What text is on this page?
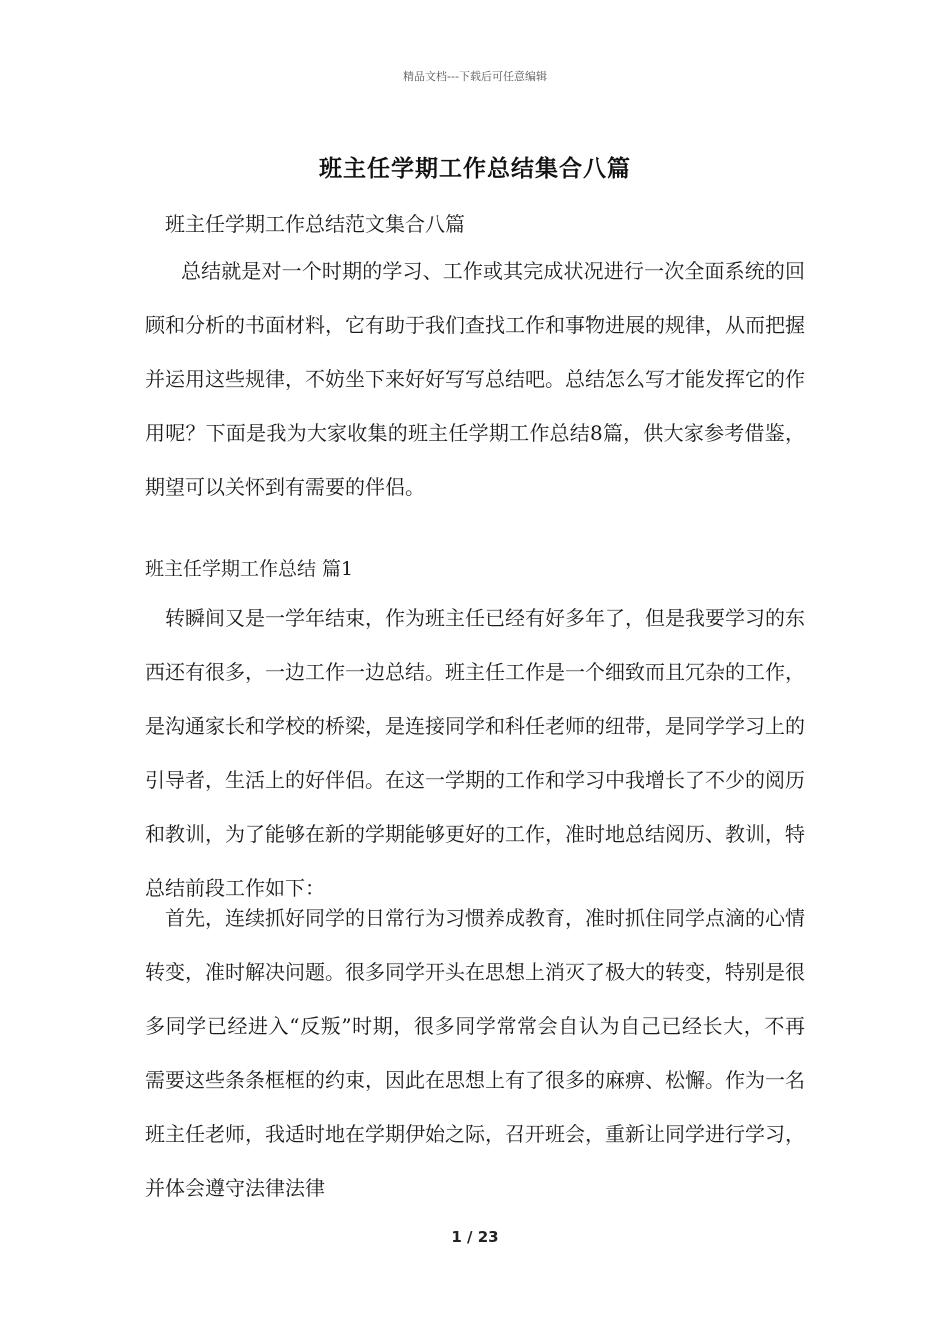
精品文档---下载后可任意编辑
班主任学期工作总结集合八篇
班主任学期工作总结范文集合八篇
总结就是对一个时期的学习、工作或其完成状况进行一次全面系统的回顾和分析的书面材料，它有助于我们查找工作和事物进展的规律，从而把握并运用这些规律，不妨坐下来好好写写总结吧。总结怎么写才能发挥它的作用呢？下面是我为大家收集的班主任学期工作总结8篇，供大家参考借鉴，期望可以关怀到有需要的伴侣。
班主任学期工作总结 篇1
转瞬间又是一学年结束，作为班主任已经有好多年了，但是我要学习的东西还有很多，一边工作一边总结。班主任工作是一个细致而且冗杂的工作，是沟通家长和学校的桥梁，是连接同学和科任老师的纽带，是同学学习上的引导者，生活上的好伴侣。在这一学期的工作和学习中我增长了不少的阅历和教训，为了能够在新的学期能够更好的工作，准时地总结阅历、教训，特总结前段工作如下：
首先，连续抓好同学的日常行为习惯养成教育，准时抓住同学点滴的心情转变，准时解决问题。很多同学开头在思想上消灭了极大的转变，特别是很多同学已经进入“反叛”时期，很多同学常常会自认为自己已经长大，不再需要这些条条框框的约束，因此在思想上有了很多的麻痹、松懈。作为一名班主任老师，我适时地在学期伊始之际，召开班会，重新让同学进行学习，并体会遵守法律法律
1 / 23
